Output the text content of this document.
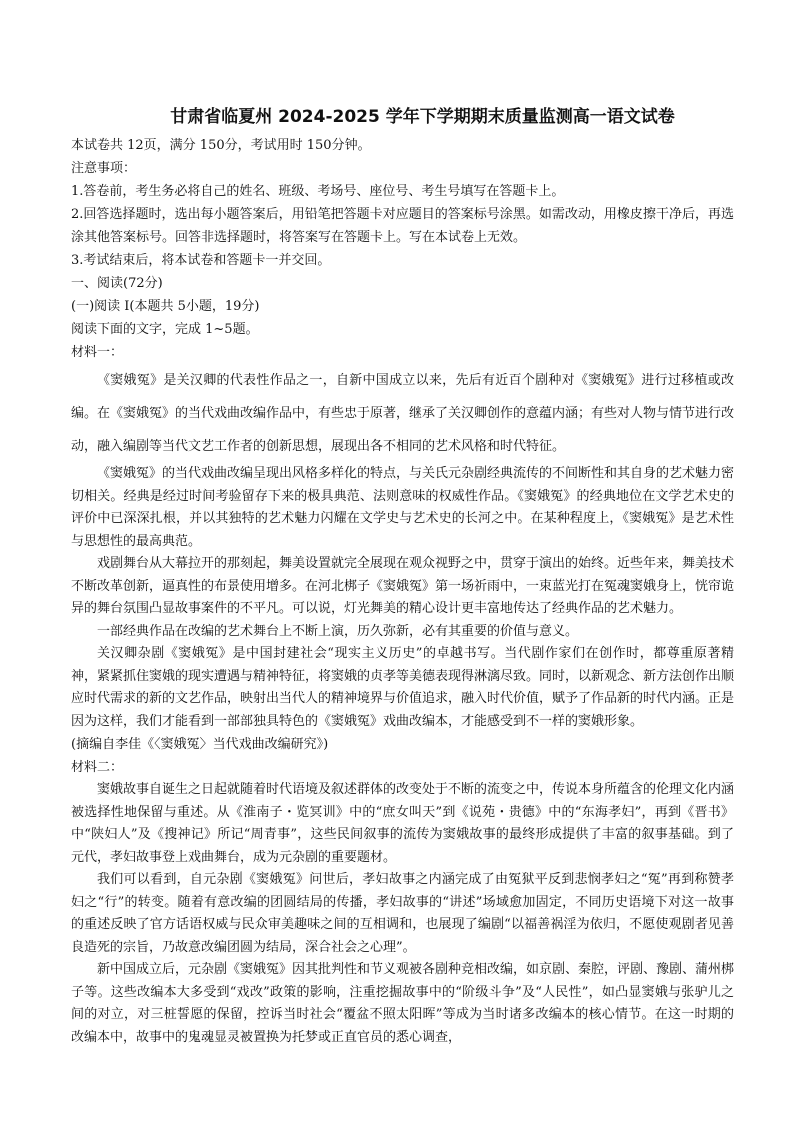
甘肃省临夏州 2024-2025 学年下学期期末质量监测高一语文试卷

本试卷共 12页，满分 150分，考试用时 150分钟。

注意事项：

1.答卷前，考生务必将自己的姓名、班级、考场号、座位号、考生号填写在答题卡上。

2.回答选择题时，选出每小题答案后，用铅笔把答题卡对应题目的答案标号涂黑。如需改动，用橡皮擦干净后，再选涂其他答案标号。回答非选择题时，将答案写在答题卡上。写在本试卷上无效。

3.考试结束后，将本试卷和答题卡一并交回。

一、阅读(72分)

(一)阅读 I(本题共 5小题，19分)

阅读下面的文字，完成 1~5题。

材料一：

《窦娥冤》是关汉卿的代表性作品之一，自新中国成立以来，先后有近百个剧种对《窦娥冤》进行过移植或改编。在《窦娥冤》的当代戏曲改编作品中，有些忠于原著，继承了关汉卿创作的意蕴内涵；有些对人物与情节进行改动，融入编剧等当代文艺工作者的创新思想，展现出各不相同的艺术风格和时代特征。

《窦娥冤》的当代戏曲改编呈现出风格多样化的特点，与关氏元杂剧经典流传的不间断性和其自身的艺术魅力密切相关。经典是经过时间考验留存下来的极具典范、法则意味的权威性作品。《窦娥冤》的经典地位在文学艺术史的评价中已深深扎根，并以其独特的艺术魅力闪耀在文学史与艺术史的长河之中。在某种程度上，《窦娥冤》是艺术性与思想性的最高典范。

戏剧舞台从大幕拉开的那刻起，舞美设置就完全展现在观众视野之中，贯穿于演出的始终。近些年来，舞美技术不断改革创新，逼真性的布景使用增多。在河北梆子《窦娥冤》第一场祈雨中，一束蓝光打在冤魂窦娥身上，恍帘诡异的舞台氛围凸显故事案件的不平凡。可以说，灯光舞美的精心设计更丰富地传达了经典作品的艺术魅力。

一部经典作品在改编的艺术舞台上不断上演，历久弥新，必有其重要的价值与意义。

关汉卿杂剧《窦娥冤》是中国封建社会“现实主义历史”的卓越书写。当代剧作家们在创作时，都尊重原著精神，紧紧抓住窦娥的现实遭遇与精神特征，将窦娥的贞孝等美德表现得淋漓尽致。同时，以新观念、新方法创作出顺应时代需求的新的文艺作品，映射出当代人的精神境界与价值追求，融入时代价值，赋予了作品新的时代内涵。正是因为这样，我们才能看到一部部独具特色的《窦娥冤》戏曲改编本，才能感受到不一样的窦娥形象。

(摘编自李佳《〈窦娥冤〉当代戏曲改编研究》)

材料二：

窦娥故事自诞生之日起就随着时代语境及叙述群体的改变处于不断的流变之中，传说本身所蕴含的伦理文化内涵被选择性地保留与重述。从《淮南子・览冥训》中的“庶女叫天”到《说苑・贵德》中的“东海孝妇”，再到《晋书》中“陕妇人”及《搜神记》所记“周青事”，这些民间叙事的流传为窦娥故事的最终形成提供了丰富的叙事基础。到了元代，孝妇故事登上戏曲舞台，成为元杂剧的重要题材。

我们可以看到，自元杂剧《窦娥冤》问世后，孝妇故事之内涵完成了由冤狱平反到悲悯孝妇之“冤”再到称赞孝妇之“行”的转变。随着有意改编的团圆结局的传播，孝妇故事的“讲述”场域愈加固定，不同历史语境下对这一故事的重述反映了官方话语权威与民众审美趣味之间的互相调和，也展现了编剧“以福善祸淫为依归，不愿使观剧者见善良造死的宗旨，乃故意改编团圆为结局，深合社会之心理”。

新中国成立后，元杂剧《窦娥冤》因其批判性和节义观被各剧种竞相改编，如京剧、秦腔，评剧、豫剧、蒲州梆子等。这些改编本大多受到“戏改”政策的影响，注重挖掘故事中的“阶级斗争”及“人民性”，如凸显窦娥与张驴儿之间的对立，对三桩誓愿的保留，控诉当时社会“覆盆不照太阳晖”等成为当时诸多改编本的核心情节。在这一时期的改编本中，故事中的鬼魂显灵被置换为托梦或正直官员的悉心调查，
